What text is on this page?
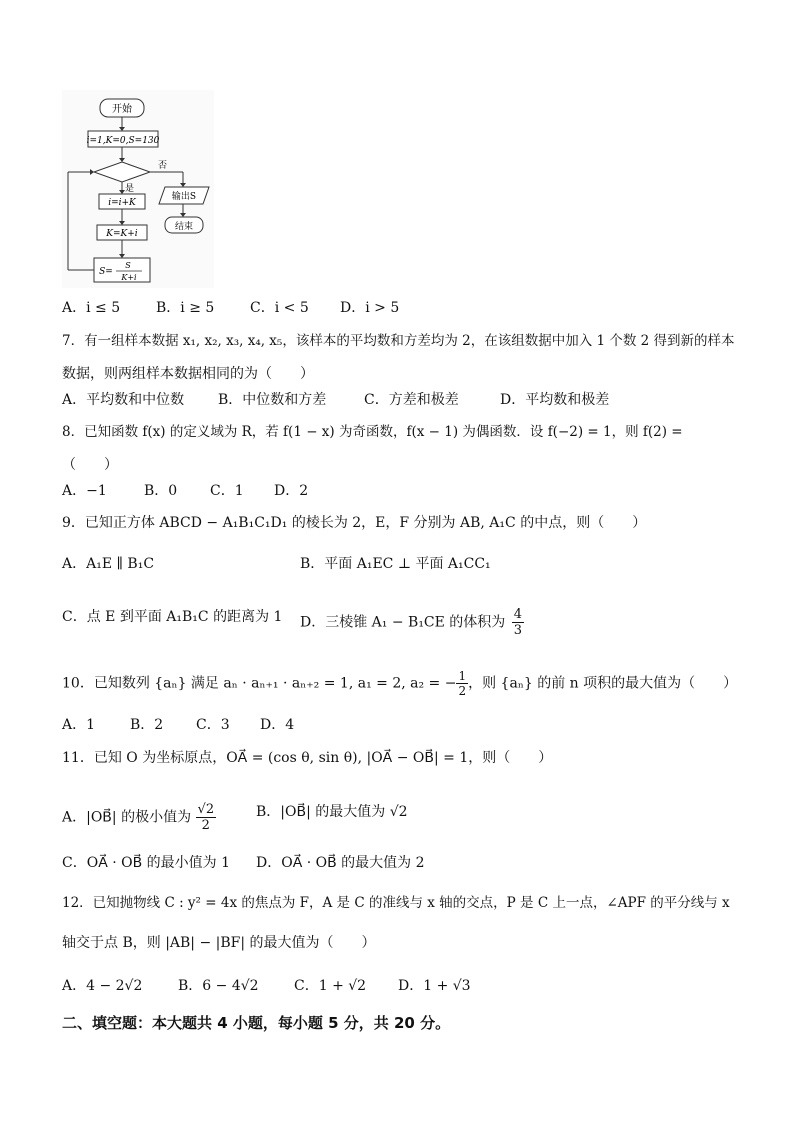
开始
i=1,K=0,S=130
否
是
输出S
结束
i=i+K
K=K+i
S=
S
K+i
A．i ≤ 5	B．i ≥ 5	C．i < 5 D．i > 5
7．有一组样本数据 x₁, x₂, x₃, x₄, x₅，该样本的平均数和方差均为 2，在该组数据中加入 1 个数 2 得到新的样本
数据，则两组样本数据相同的为（　　）
A．平均数和中位数 B．中位数和方差	C．方差和极差	D．平均数和极差
8．已知函数 f(x) 的定义域为 R，若 f(1 − x) 为奇函数，f(x − 1) 为偶函数．设 f(−2) = 1，则 f(2) =
（　　）
A．−1	B．0 C．1 D．2
9．已知正方体 ABCD − A₁B₁C₁D₁ 的棱长为 2，E，F 分别为 AB, A₁C 的中点，则（　　）
A．A₁E ∥ B₁C	B．平面 A₁EC ⊥ 平面 A₁CC₁
C．点 E 到平面 A₁B₁C 的距离为 1 D．三棱锥 A₁ − B₁CE 的体积为 $\frac{4}{3}$
10．已知数列 {aₙ} 满足 aₙ · aₙ₊₁ · aₙ₊₂ = 1, a₁ = 2, a₂ = − $\frac{1}{2}$ ，则 {aₙ} 的前 n 项积的最大值为（　　）
A．1 B．2 C．3 D．4
11．已知 O 为坐标原点，OA⃗ = (cos θ, sin θ), |OA⃗ − OB⃗| = 1，则（　　）
A．|OB⃗| 的极小值为 $\frac{√2}{2}$	B．|OB⃗| 的最大值为 √2
C．OA⃗ · OB⃗ 的最小值为 1 D．OA⃗ · OB⃗ 的最大值为 2
12．已知抛物线 C : y² = 4x 的焦点为 F，A 是 C 的准线与 x 轴的交点，P 是 C 上一点，∠APF 的平分线与 x
轴交于点 B，则 |AB| − |BF| 的最大值为（　　）
A．4 − 2√2	B．6 − 4√2	C．1 + √2 D．1 + √3
二、填空题：本大题共 4 小题，每小题 5 分，共 20 分。
